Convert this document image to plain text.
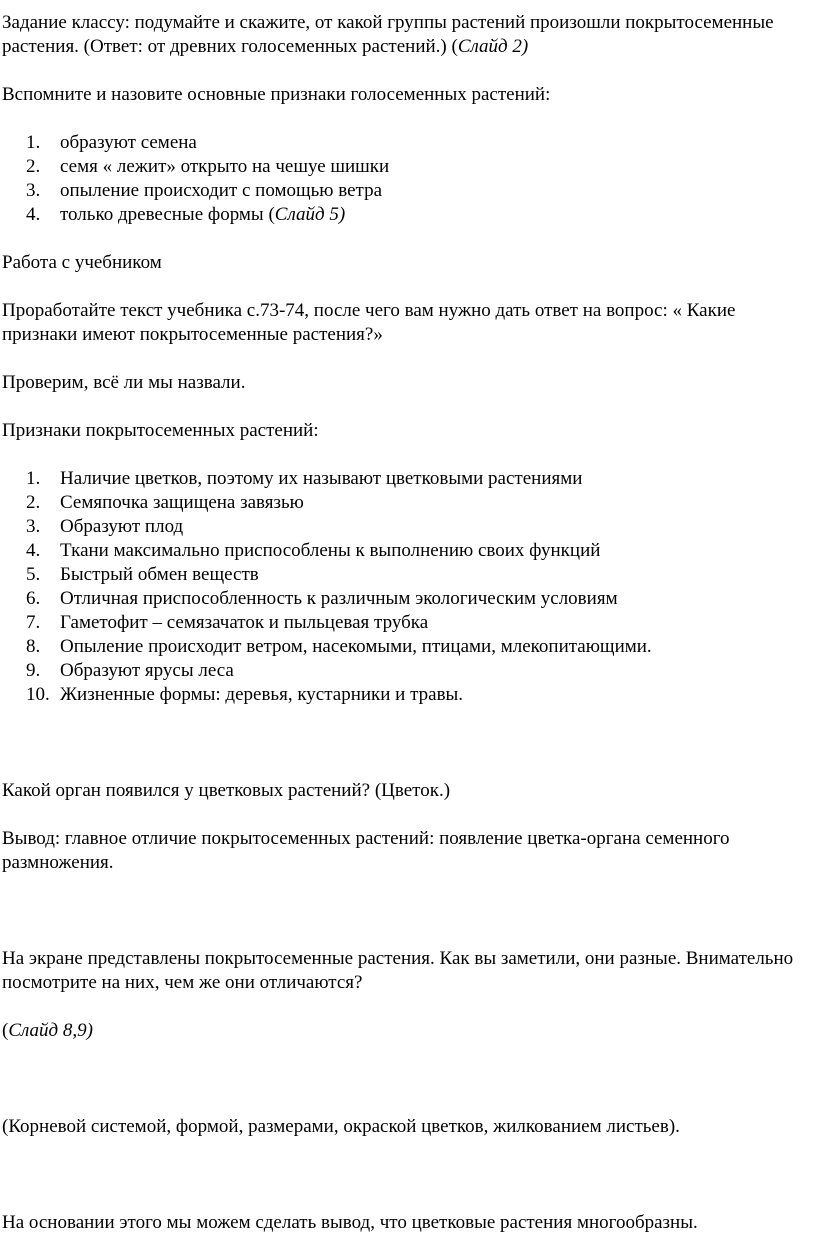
Задание классу: подумайте и скажите, от какой группы растений произошли покрытосеменные растения. (Ответ: от древних голосеменных растений.) (Слайд 2)

Вспомните и назовите основные признаки голосеменных растений:

1.	образуют семена
2.	семя « лежит» открыто на чешуе шишки
3.	опыление происходит с помощью ветра
4.	только древесные формы (Слайд 5)

Работа с учебником

Проработайте текст учебника с.73-74, после чего вам нужно дать ответ на вопрос: « Какие признаки имеют покрытосеменные растения?»

Проверим, всё ли мы назвали.

Признаки покрытосеменных растений:

1.	Наличие цветков, поэтому их называют цветковыми растениями
2.	Семяпочка защищена завязью
3.	Образуют плод
4.	Ткани максимально приспособлены к выполнению своих функций
5.	Быстрый обмен веществ
6.	Отличная приспособленность к различным экологическим условиям
7.	Гаметофит – семязачаток и пыльцевая трубка
8.	Опыление происходит ветром, насекомыми, птицами, млекопитающими.
9.	Образуют ярусы леса
10. Жизненные формы: деревья, кустарники и травы.

Какой орган появился у цветковых растений? (Цветок.)

Вывод: главное отличие покрытосеменных растений: появление цветка-органа семенного размножения.

На экране представлены покрытосеменные растения. Как вы заметили, они разные. Внимательно посмотрите на них, чем же они отличаются?

(Слайд 8,9)

(Корневой системой, формой, размерами, окраской цветков, жилкованием листьев).

На основании этого мы можем сделать вывод, что цветковые растения многообразны.
